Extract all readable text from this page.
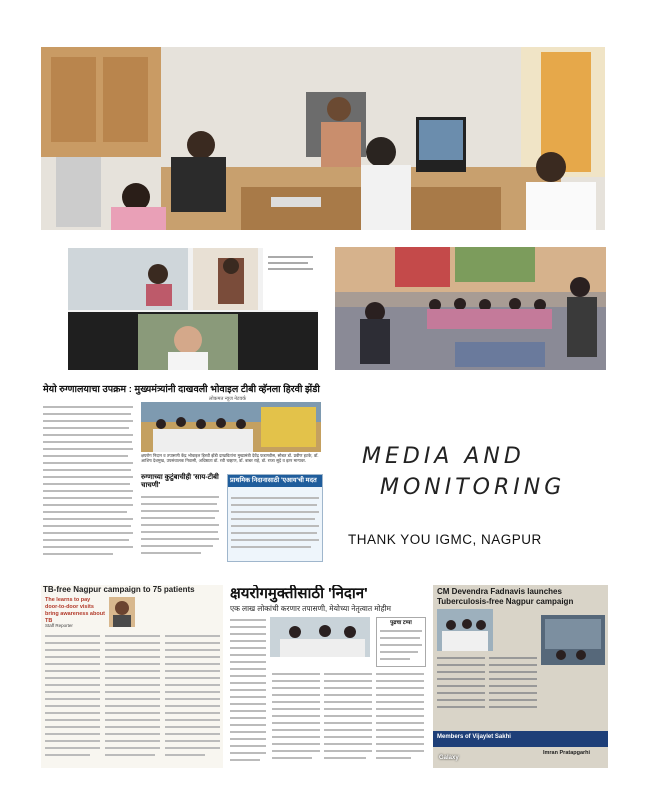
मेयो रुग्णालयाचा उपक्रम : मुख्यमंत्र्यांनी दाखवली भोवाइल टीबी व्हॅनला हिरवी झेंडी
लोकमत न्यूज नेटवर्क
क्षयरोग निदान व तपासणी केंद्र भोवाइल हिरवी झेंडी दाखवितांना मुख्यमंत्री देवेंद्र फडणवीस, सोबत डॉ. प्रवीण हटके, डॉ. आशिष देशमुख, उपसंचालक निवासी, अधिष्ठाता डॉ. रवी चव्हाण, डॉ. बाबर राहे, डॉ. राजा सूदे व इतर मान्यवर.
रुग्णाच्या कुटुंबाचीही 'साय-टीबी चाचणी'
प्राथमिक निदानासाठी 'एआय'ची मदत
MEDIA AND
MONITORING
THANK YOU IGMC, NAGPUR
TB-free Nagpur campaign to 75 patients
The learns to pay
door-to-door visits
bring awareness about TB
Staff Reporter
क्षयरोगमुक्तीसाठी 'निदान'
एक लाख लोकांची करणार तपासणी, मेयोच्या नेतृत्वात मोहीम
पुढचा टप्पा
CM Devendra Fadnavis launches Tuberculosis-free Nagpur campaign
Members of Vijaylet Sakhi
Imran Pratapgarhi
Galaxy
